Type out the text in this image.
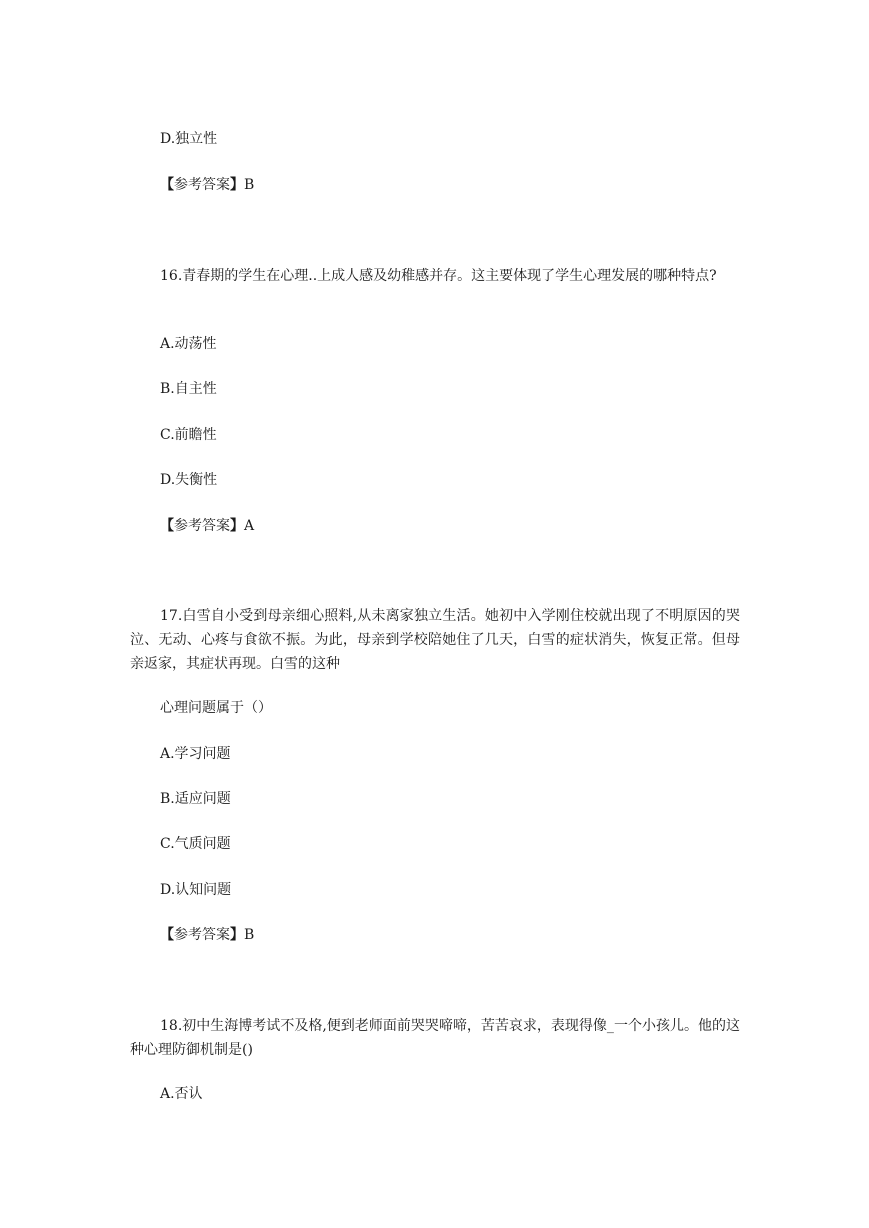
D.独立性
【参考答案】B
16.青春期的学生在心理..上成人感及幼稚感并存。这主要体现了学生心理发展的哪种特点?
A.动荡性
B.自主性
C.前瞻性
D.失衡性
【参考答案】A
17.白雪自小受到母亲细心照料,从未离家独立生活。她初中入学刚住校就出现了不明原因的哭泣、无动、心疼与食欲不振。为此，母亲到学校陪她住了几天，白雪的症状消失，恢复正常。但母亲返家，其症状再现。白雪的这种
心理问题属于（）
A.学习问题
B.适应问题
C.气质问题
D.认知问题
【参考答案】B
18.初中生海博考试不及格,便到老师面前哭哭啼啼，苦苦哀求，表现得像_一个小孩儿。他的这种心理防御机制是()
A.否认
